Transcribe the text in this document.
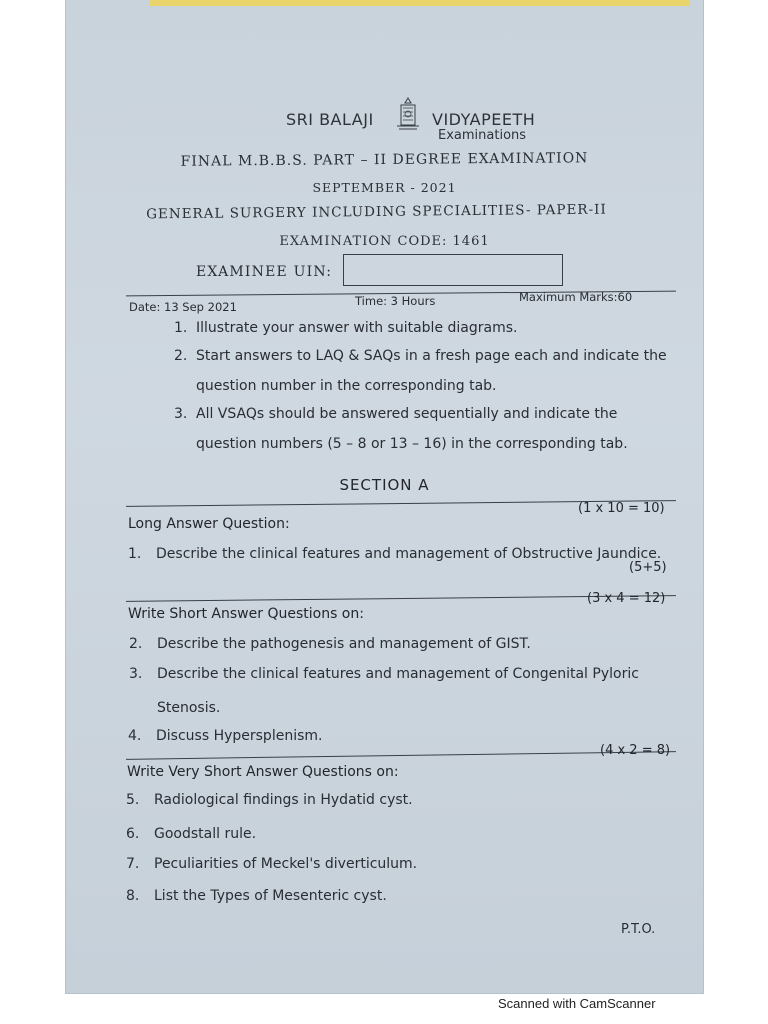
SRI BALAJI	VIDYAPEETH
Examinations
FINAL M.B.B.S. PART – II DEGREE EXAMINATION
SEPTEMBER - 2021
GENERAL SURGERY INCLUDING SPECIALITIES- PAPER-II
EXAMINATION CODE: 1461
EXAMINEE UIN:
Date: 13 Sep 2021	Time: 3 Hours	Maximum Marks:60
1. Illustrate your answer with suitable diagrams.
2. Start answers to LAQ & SAQs in a fresh page each and indicate the
question number in the corresponding tab.
3. All VSAQs should be answered sequentially and indicate the
question numbers (5 – 8 or 13 – 16) in the corresponding tab.
SECTION A
Long Answer Question:
(1 x 10 = 10)
1. Describe the clinical features and management of Obstructive Jaundice.
(5+5)
Write Short Answer Questions on:
(3 x 4 = 12)
2. Describe the pathogenesis and management of GIST.
3. Describe the clinical features and management of Congenital Pyloric
Stenosis.
4. Discuss Hypersplenism.
Write Very Short Answer Questions on:
(4 x 2 = 8)
5. Radiological findings in Hydatid cyst.
6. Goodstall rule.
7. Peculiarities of Meckel's diverticulum.
8. List the Types of Mesenteric cyst.
P.T.O.
Scanned with CamScanner
